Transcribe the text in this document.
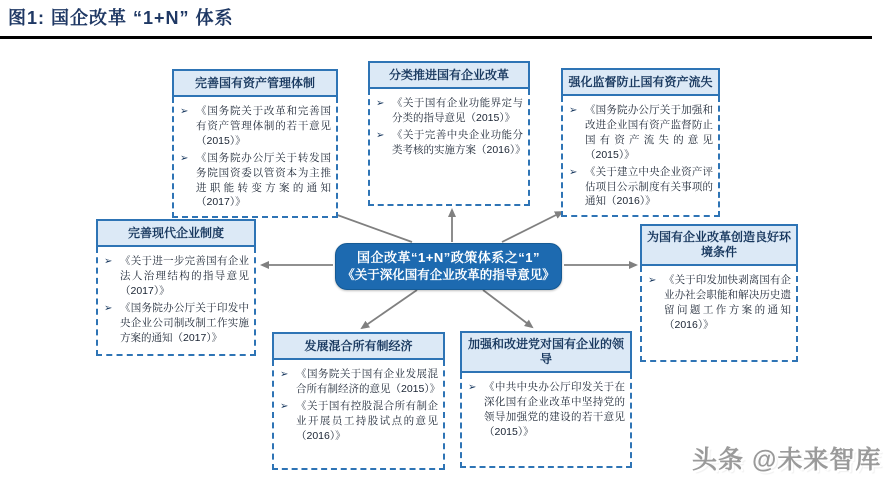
图1: 国企改革 “1+N” 体系
完善国有资产管理体制
➢ 《国务院关于改革和完善国有资产管理体制的若干意见（2015）》
➢ 《国务院办公厅关于转发国务院国资委以管资本为主推进职能转变方案的通知（2017）》
分类推进国有企业改革
➢ 《关于国有企业功能界定与分类的指导意见（2015）》
➢ 《关于完善中央企业功能分类考核的实施方案（2016）》
强化监督防止国有资产流失
➢ 《国务院办公厅关于加强和改进企业国有资产监督防止国有资产流失的意见（2015）》
➢ 《关于建立中央企业资产评估项目公示制度有关事项的通知（2016）》
完善现代企业制度
➢ 《关于进一步完善国有企业法人治理结构的指导意见（2017）》
➢ 《国务院办公厅关于印发中央企业公司制改制工作实施方案的通知（2017）》
为国有企业改革创造良好环境条件
➢ 《关于印发加快剥离国有企业办社会职能和解决历史遗留问题工作方案的通知（2016）》
发展混合所有制经济
➢ 《国务院关于国有企业发展混合所有制经济的意见（2015）》
➢ 《关于国有控股混合所有制企业开展员工持股试点的意见（2016）》
加强和改进党对国有企业的领导
➢ 《中共中央办公厅印发关于在深化国有企业改革中坚持党的领导加强党的建设的若干意见（2015）》
国企改革“1+N”政策体系之“1”
《关于深化国有企业改革的指导意见》
头条 @未来智库
